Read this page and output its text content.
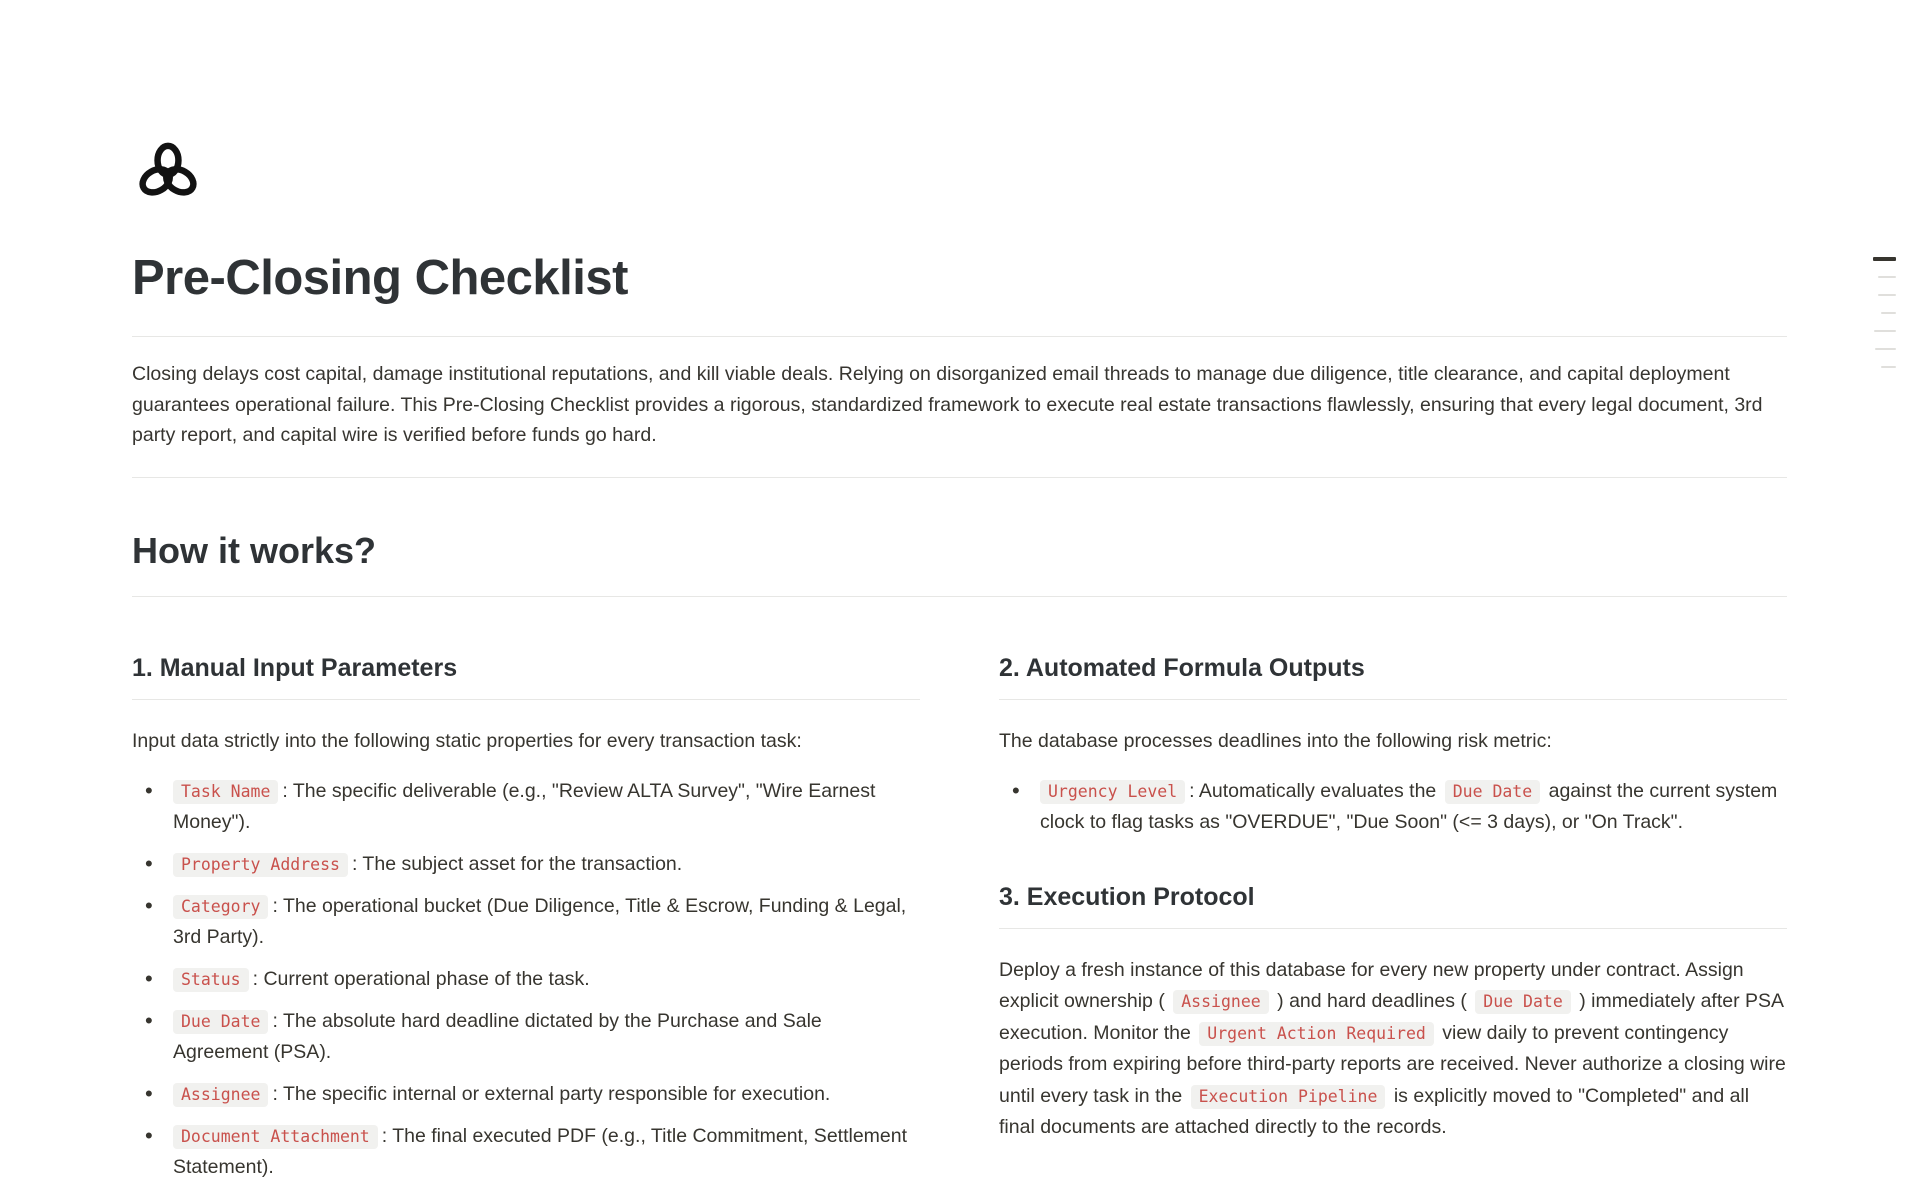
Pre-Closing Checklist

Closing delays cost capital, damage institutional reputations, and kill viable deals. Relying on disorganized email threads to manage due diligence, title clearance, and capital deployment guarantees operational failure. This Pre-Closing Checklist provides a rigorous, standardized framework to execute real estate transactions flawlessly, ensuring that every legal document, 3rd party report, and capital wire is verified before funds go hard.

How it works?
1. Manual Input Parameters

Input data strictly into the following static properties for every transaction task:

• Task Name : The specific deliverable (e.g., "Review ALTA Survey", "Wire Earnest Money").
• Property Address : The subject asset for the transaction.
• Category : The operational bucket (Due Diligence, Title & Escrow, Funding & Legal, 3rd Party).
• Status : Current operational phase of the task.
• Due Date : The absolute hard deadline dictated by the Purchase and Sale Agreement (PSA).
• Assignee : The specific internal or external party responsible for execution.
• Document Attachment : The final executed PDF (e.g., Title Commitment, Settlement Statement).
2. Automated Formula Outputs

The database processes deadlines into the following risk metric:

• Urgency Level : Automatically evaluates the Due Date against the current system clock to flag tasks as "OVERDUE", "Due Soon" (<= 3 days), or "On Track".
3. Execution Protocol

Deploy a fresh instance of this database for every new property under contract. Assign explicit ownership ( Assignee ) and hard deadlines ( Due Date ) immediately after PSA execution. Monitor the Urgent Action Required view daily to prevent contingency periods from expiring before third-party reports are received. Never authorize a closing wire until every task in the Execution Pipeline is explicitly moved to "Completed" and all final documents are attached directly to the records.
